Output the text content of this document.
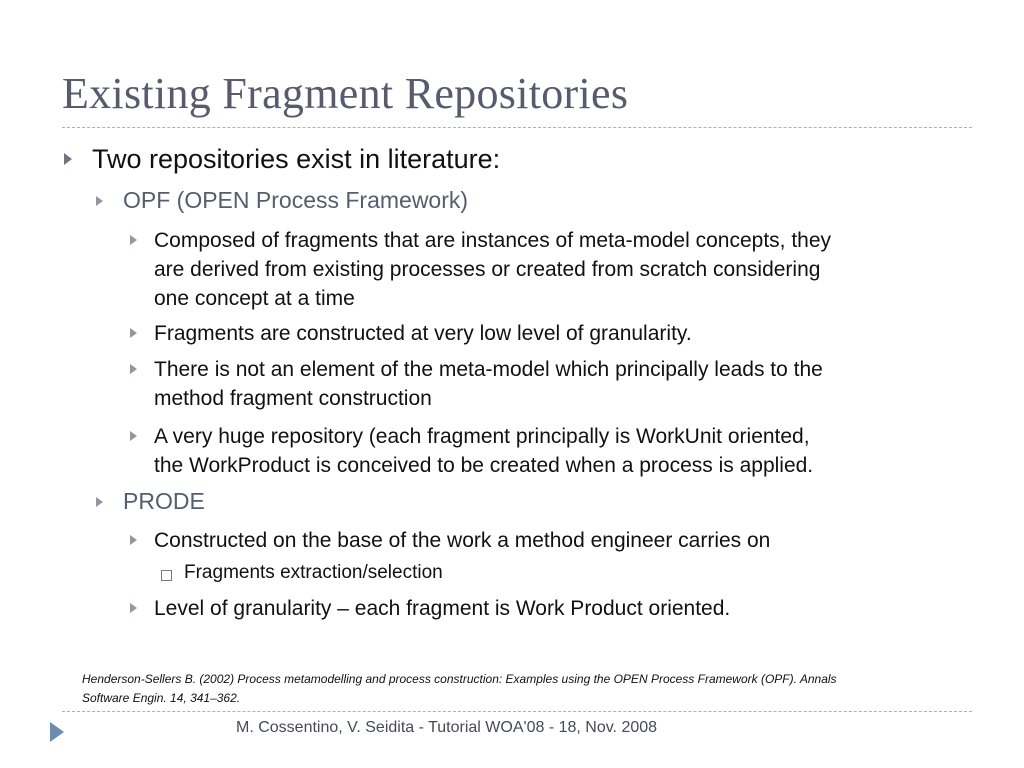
Existing Fragment Repositories
Two repositories exist in literature:
OPF (OPEN Process Framework)
Composed of fragments that are instances of meta-model concepts, they
are derived from existing processes or created from scratch considering
one concept at a time
Fragments are constructed at very low level of granularity.
There is not an element of the meta-model which principally leads to the
method fragment construction
A very huge repository (each fragment principally is WorkUnit oriented,
the WorkProduct is conceived to be created when a process is applied.
PRODE
Constructed on the base of the work a method engineer carries on
Fragments extraction/selection
Level of granularity – each fragment is Work Product oriented.
Henderson-Sellers B. (2002) Process metamodelling and process construction: Examples using the OPEN Process Framework (OPF). Annals
Software Engin. 14, 341–362.
M. Cossentino, V. Seidita - Tutorial WOA'08 - 18, Nov. 2008
